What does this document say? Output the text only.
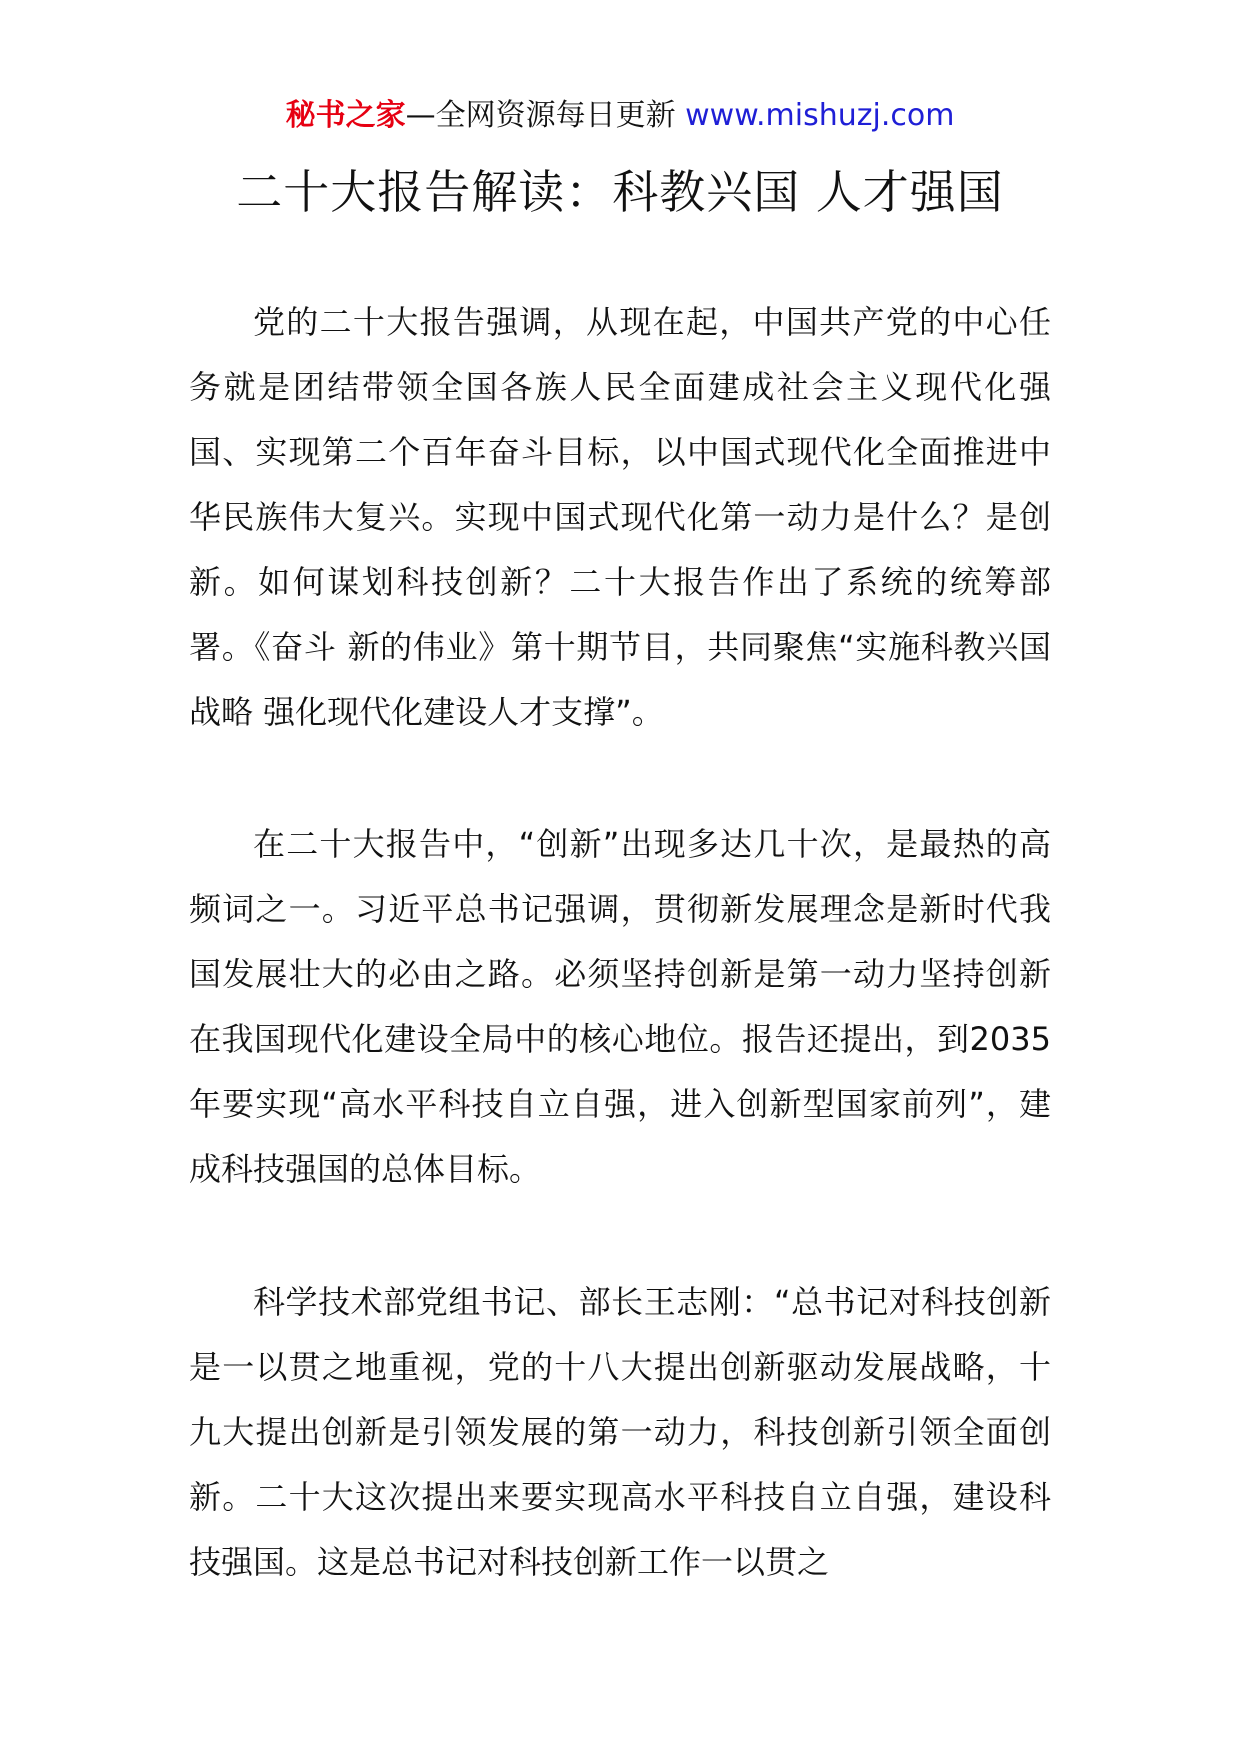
秘书之家—全网资源每日更新 www.mishuzj.com
二十大报告解读：科教兴国 人才强国

党的二十大报告强调，从现在起，中国共产党的中心任务就是团结带领全国各族人民全面建成社会主义现代化强国、实现第二个百年奋斗目标，以中国式现代化全面推进中华民族伟大复兴。实现中国式现代化第一动力是什么？是创新。如何谋划科技创新？二十大报告作出了系统的统筹部署。《奋斗 新的伟业》第十期节目，共同聚焦“实施科教兴国战略 强化现代化建设人才支撑”。

在二十大报告中，“创新”出现多达几十次，是最热的高频词之一。习近平总书记强调，贯彻新发展理念是新时代我国发展壮大的必由之路。必须坚持创新是第一动力坚持创新在我国现代化建设全局中的核心地位。报告还提出，到2035年要实现“高水平科技自立自强，进入创新型国家前列”，建成科技强国的总体目标。

科学技术部党组书记、部长王志刚：“总书记对科技创新是一以贯之地重视，党的十八大提出创新驱动发展战略，十九大提出创新是引领发展的第一动力，科技创新引领全面创新。二十大这次提出来要实现高水平科技自立自强，建设科技强国。这是总书记对科技创新工作一以贯之
